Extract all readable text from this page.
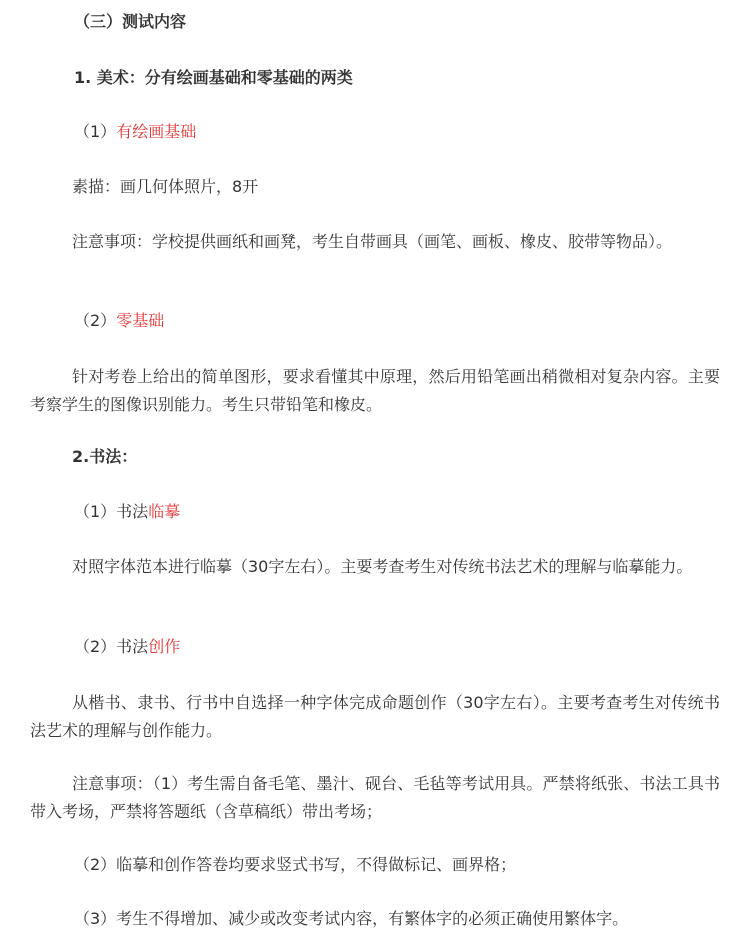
（三）测试内容
1. 美术：分有绘画基础和零基础的两类
（1）有绘画基础
素描：画几何体照片，8开
注意事项：学校提供画纸和画凳，考生自带画具（画笔、画板、橡皮、胶带等物品）。
（2）零基础
针对考卷上给出的简单图形，要求看懂其中原理，然后用铅笔画出稍微相对复杂内容。主要考察学生的图像识别能力。考生只带铅笔和橡皮。
2.书法：
（1）书法临摹
对照字体范本进行临摹（30字左右）。主要考查考生对传统书法艺术的理解与临摹能力。
（2）书法创作
从楷书、隶书、行书中自选择一种字体完成命题创作（30字左右）。主要考查考生对传统书法艺术的理解与创作能力。
注意事项：（1）考生需自备毛笔、墨汁、砚台、毛毡等考试用具。严禁将纸张、书法工具书带入考场，严禁将答题纸（含草稿纸）带出考场；
（2）临摹和创作答卷均要求竖式书写，不得做标记、画界格；
（3）考生不得增加、减少或改变考试内容，有繁体字的必须正确使用繁体字。
